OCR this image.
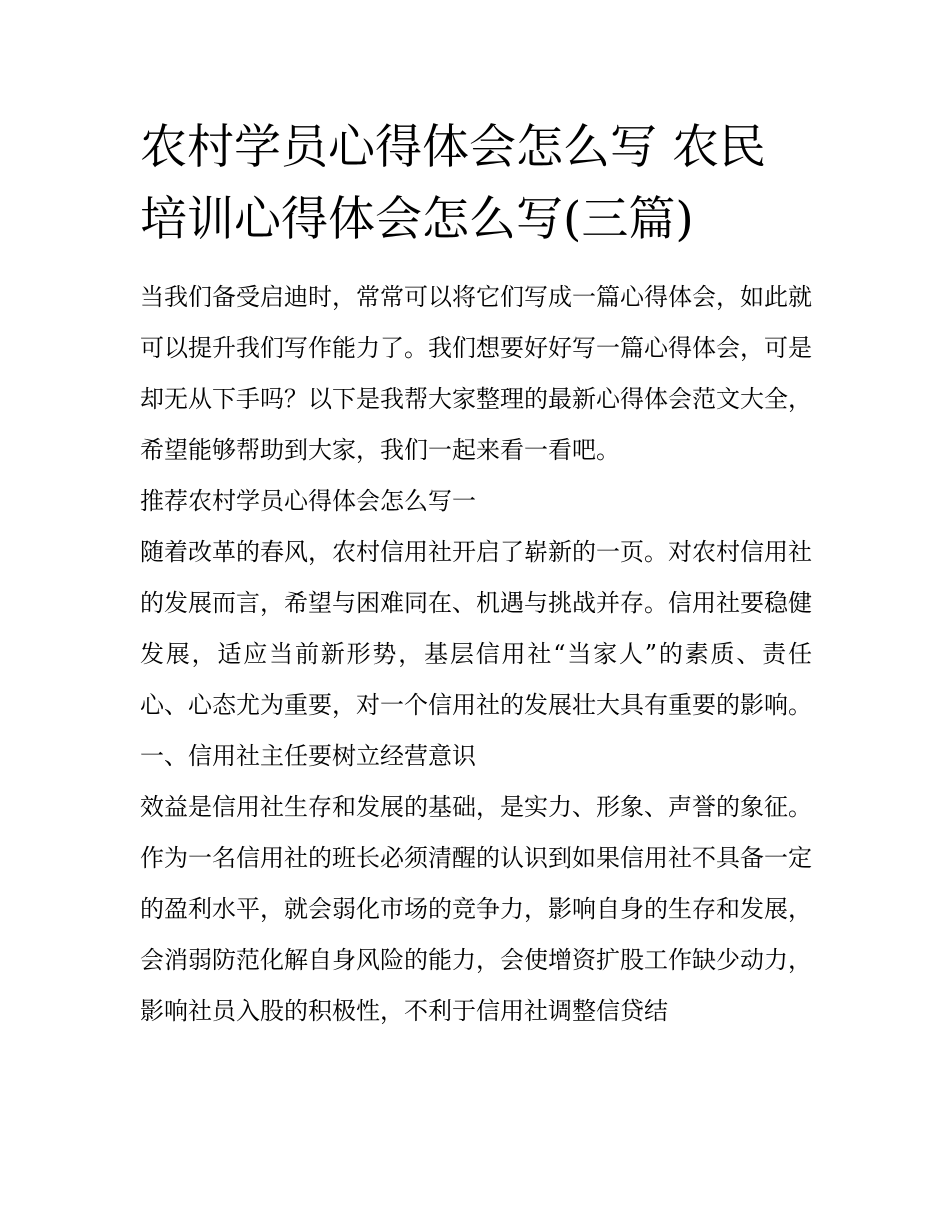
农村学员心得体会怎么写 农民培训心得体会怎么写(三篇)

当我们备受启迪时，常常可以将它们写成一篇心得体会，如此就可以提升我们写作能力了。我们想要好好写一篇心得体会，可是却无从下手吗？以下是我帮大家整理的最新心得体会范文大全，希望能够帮助到大家，我们一起来看一看吧。

推荐农村学员心得体会怎么写一

随着改革的春风，农村信用社开启了崭新的一页。对农村信用社的发展而言，希望与困难同在、机遇与挑战并存。信用社要稳健发展，适应当前新形势，基层信用社“当家人”的素质、责任心、心态尤为重要，对一个信用社的发展壮大具有重要的影响。

一、信用社主任要树立经营意识

效益是信用社生存和发展的基础，是实力、形象、声誉的象征。作为一名信用社的班长必须清醒的认识到如果信用社不具备一定的盈利水平，就会弱化市场的竞争力，影响自身的生存和发展，会消弱防范化解自身风险的能力，会使增资扩股工作缺少动力，影响社员入股的积极性，不利于信用社调整信贷结
